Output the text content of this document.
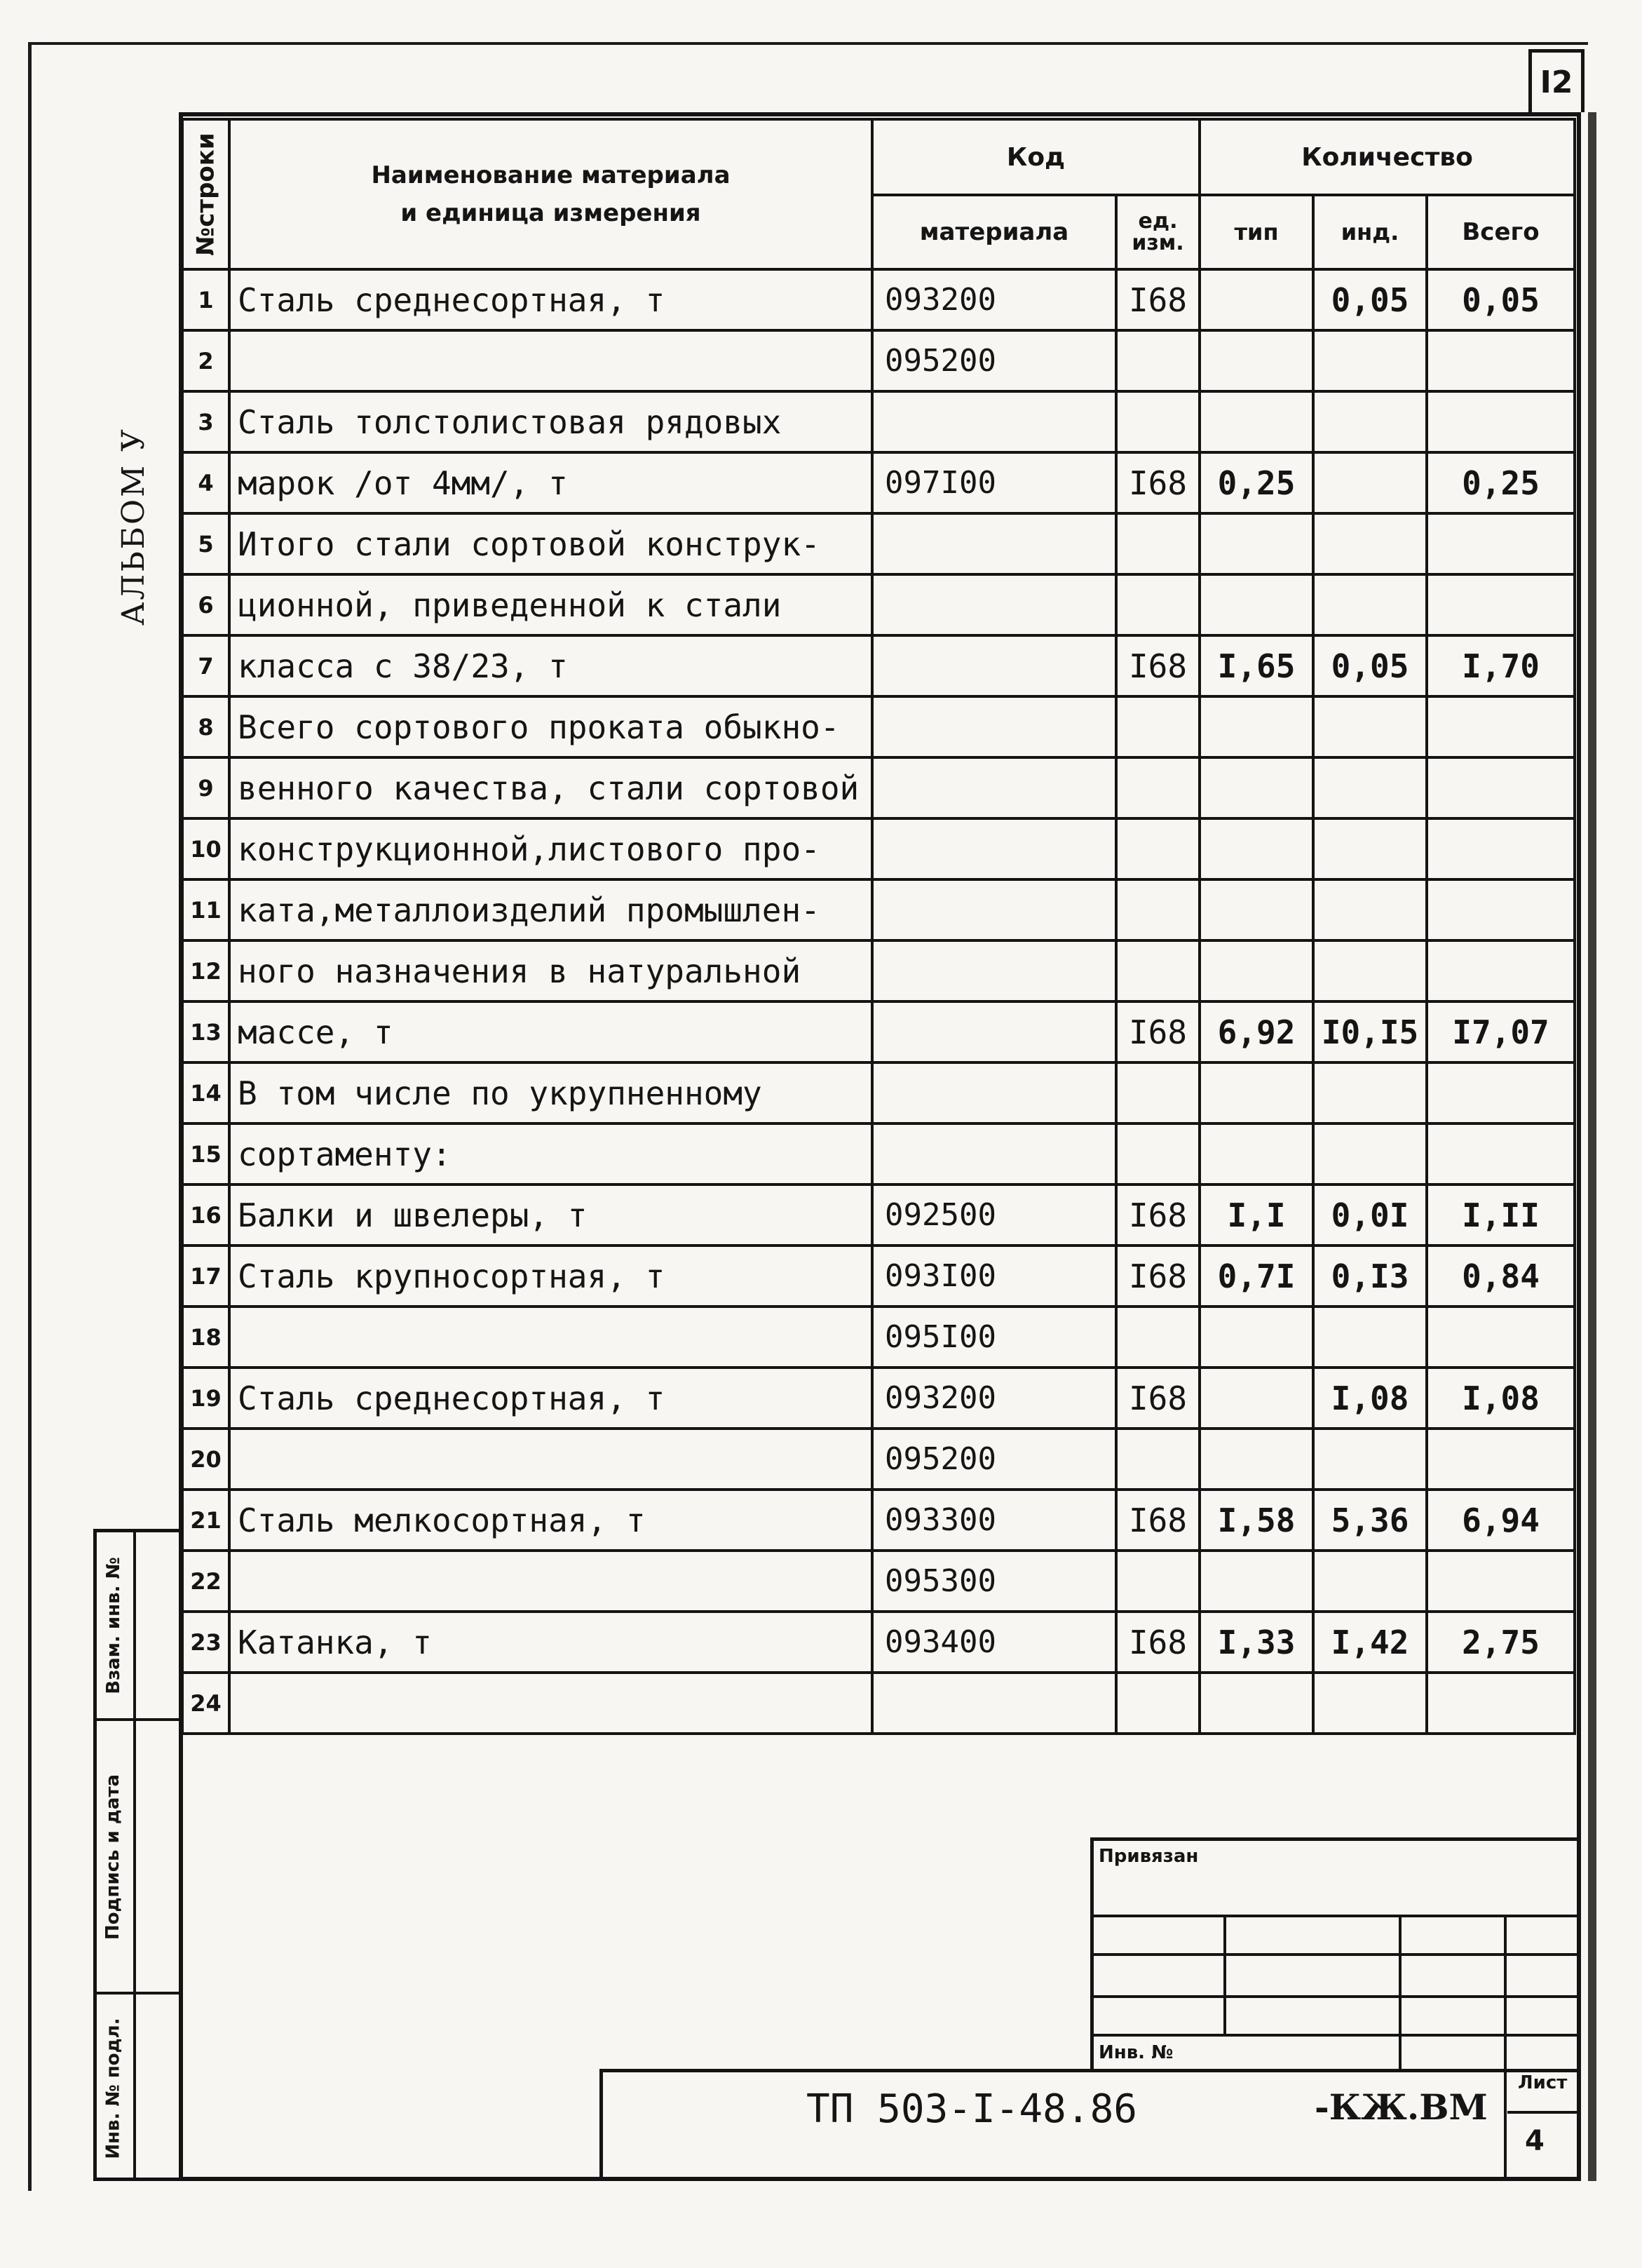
I2
АЛЬБОМ У
№строки	Наименование материала
и единица измерения	Код		Количество		
		материала	ед. изм.	тип	инд.	Всего
1	Сталь среднесортная, т	093200	I68		0,05	0,05
2		095200				
3	Сталь толстолистовая рядовых					
4	марок /от 4мм/, т	097I00	I68	0,25		0,25
5	Итого стали сортовой конструк-					
6	ционной, приведенной к стали					
7	класса с 38/23, т		I68	I,65	0,05	I,70
8	Всего сортового проката обыкно-					
9	венного качества, стали сортовой					
10	конструкционной,листового про-					
11	ката,металлоизделий промышлен-					
12	ного назначения в натуральной					
13	массе, т		I68	6,92	I0,I5	I7,07
14	В том числе по укрупненному					
15	сортаменту:					
16	Балки и швелеры, т	092500	I68	I,I	0,0I	I,II
17	Сталь крупносортная, т	093I00	I68	0,7I	0,I3	0,84
18		095I00				
19	Сталь среднесортная, т	093200	I68		I,08	I,08
20		095200				
21	Сталь мелкосортная, т	093300	I68	I,58	5,36	6,94
22		095300				
23	Катанка, т	093400	I68	I,33	I,42	2,75
24						
Взам. инв. №
Подпись и дата
Инв. № подл.
Привязан
Инв. №
ТП 503-I-48.86	-КЖ.ВМ
Лист
4
